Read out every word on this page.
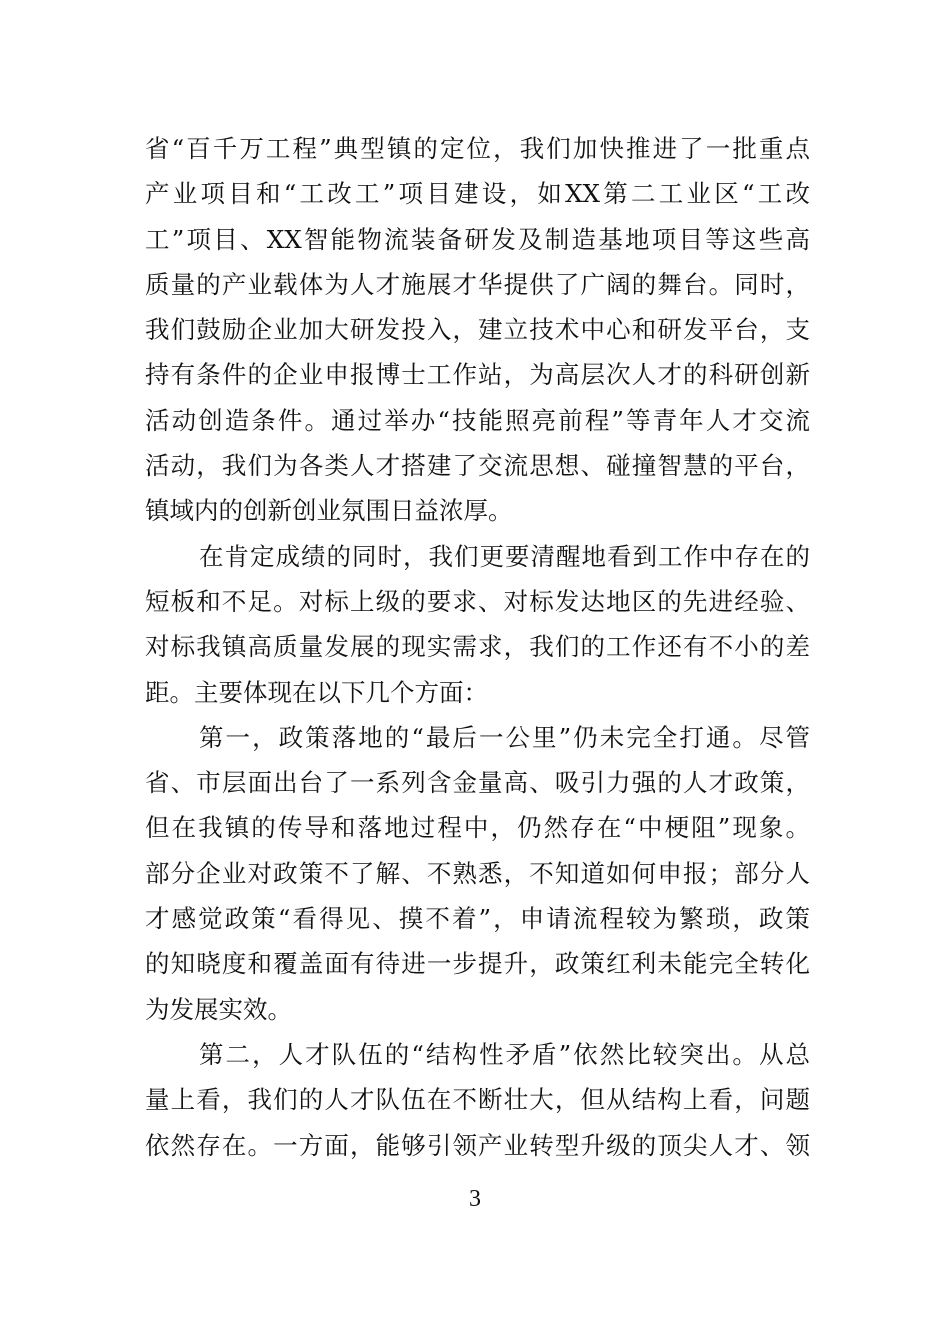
省“百千万工程”典型镇的定位，我们加快推进了一批重点
产业项目和“工改工”项目建设，如XX第二工业区“工改
工”项目、XX智能物流装备研发及制造基地项目等这些高
质量的产业载体为人才施展才华提供了广阔的舞台。同时，
我们鼓励企业加大研发投入，建立技术中心和研发平台，支
持有条件的企业申报博士工作站，为高层次人才的科研创新
活动创造条件。通过举办“技能照亮前程”等青年人才交流
活动，我们为各类人才搭建了交流思想、碰撞智慧的平台，
镇域内的创新创业氛围日益浓厚。
在肯定成绩的同时，我们更要清醒地看到工作中存在的
短板和不足。对标上级的要求、对标发达地区的先进经验、
对标我镇高质量发展的现实需求，我们的工作还有不小的差
距。主要体现在以下几个方面：
第一，政策落地的“最后一公里”仍未完全打通。尽管
省、市层面出台了一系列含金量高、吸引力强的人才政策，
但在我镇的传导和落地过程中，仍然存在“中梗阻”现象。
部分企业对政策不了解、不熟悉，不知道如何申报；部分人
才感觉政策“看得见、摸不着”，申请流程较为繁琐，政策
的知晓度和覆盖面有待进一步提升，政策红利未能完全转化
为发展实效。
第二，人才队伍的“结构性矛盾”依然比较突出。从总
量上看，我们的人才队伍在不断壮大，但从结构上看，问题
依然存在。一方面，能够引领产业转型升级的顶尖人才、领
3
